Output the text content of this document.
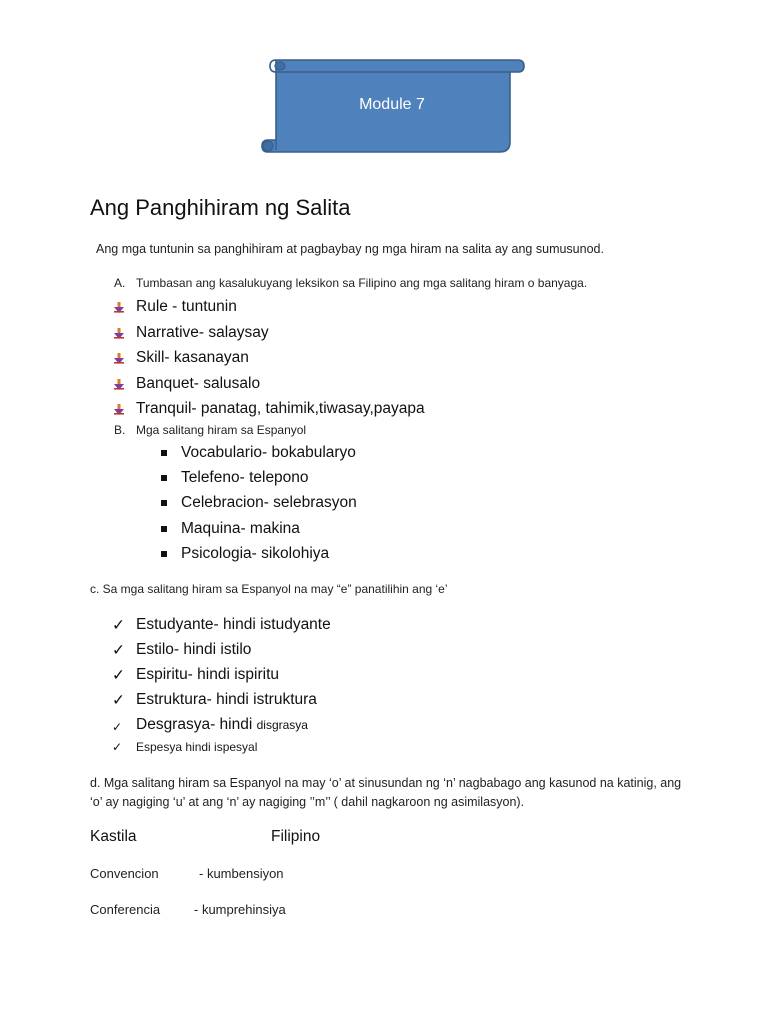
Module 7
Ang Panghihiram ng Salita
Ang mga tuntunin sa panghihiram at pagbaybay ng mga hiram na salita ay ang sumusunod.
A. Tumbasan ang kasalukuyang leksikon sa Filipino ang mga salitang hiram o banyaga.
Rule - tuntunin
Narrative- salaysay
Skill- kasanayan
Banquet- salusalo
Tranquil- panatag, tahimik,tiwasay,payapa
B. Mga salitang hiram sa Espanyol
Vocabulario- bokabularyo
Telefeno- telepono
Celebracion- selebrasyon
Maquina- makina
Psicologia- sikolohiya
c. Sa mga salitang hiram sa Espanyol na may “e” panatilihin ang ‘e’
✓ Estudyante- hindi istudyante
✓ Estilo- hindi istilo
✓ Espiritu- hindi ispiritu
✓ Estruktura- hindi istruktura
✓ Desgrasya- hindi disgrasya
✓ Espesya hindi ispesyal
d. Mga salitang hiram sa Espanyol na may ‘o’ at sinusundan ng ‘n’ nagbabago ang kasunod na katinig, ang ‘o’ ay nagiging ‘u’ at ang ‘n’ ay nagiging ’’m’’ ( dahil nagkaroon ng asimilasyon).
Kastila	Filipino
Convencion	- kumbensiyon
Conferencia	- kumprehinsiya
